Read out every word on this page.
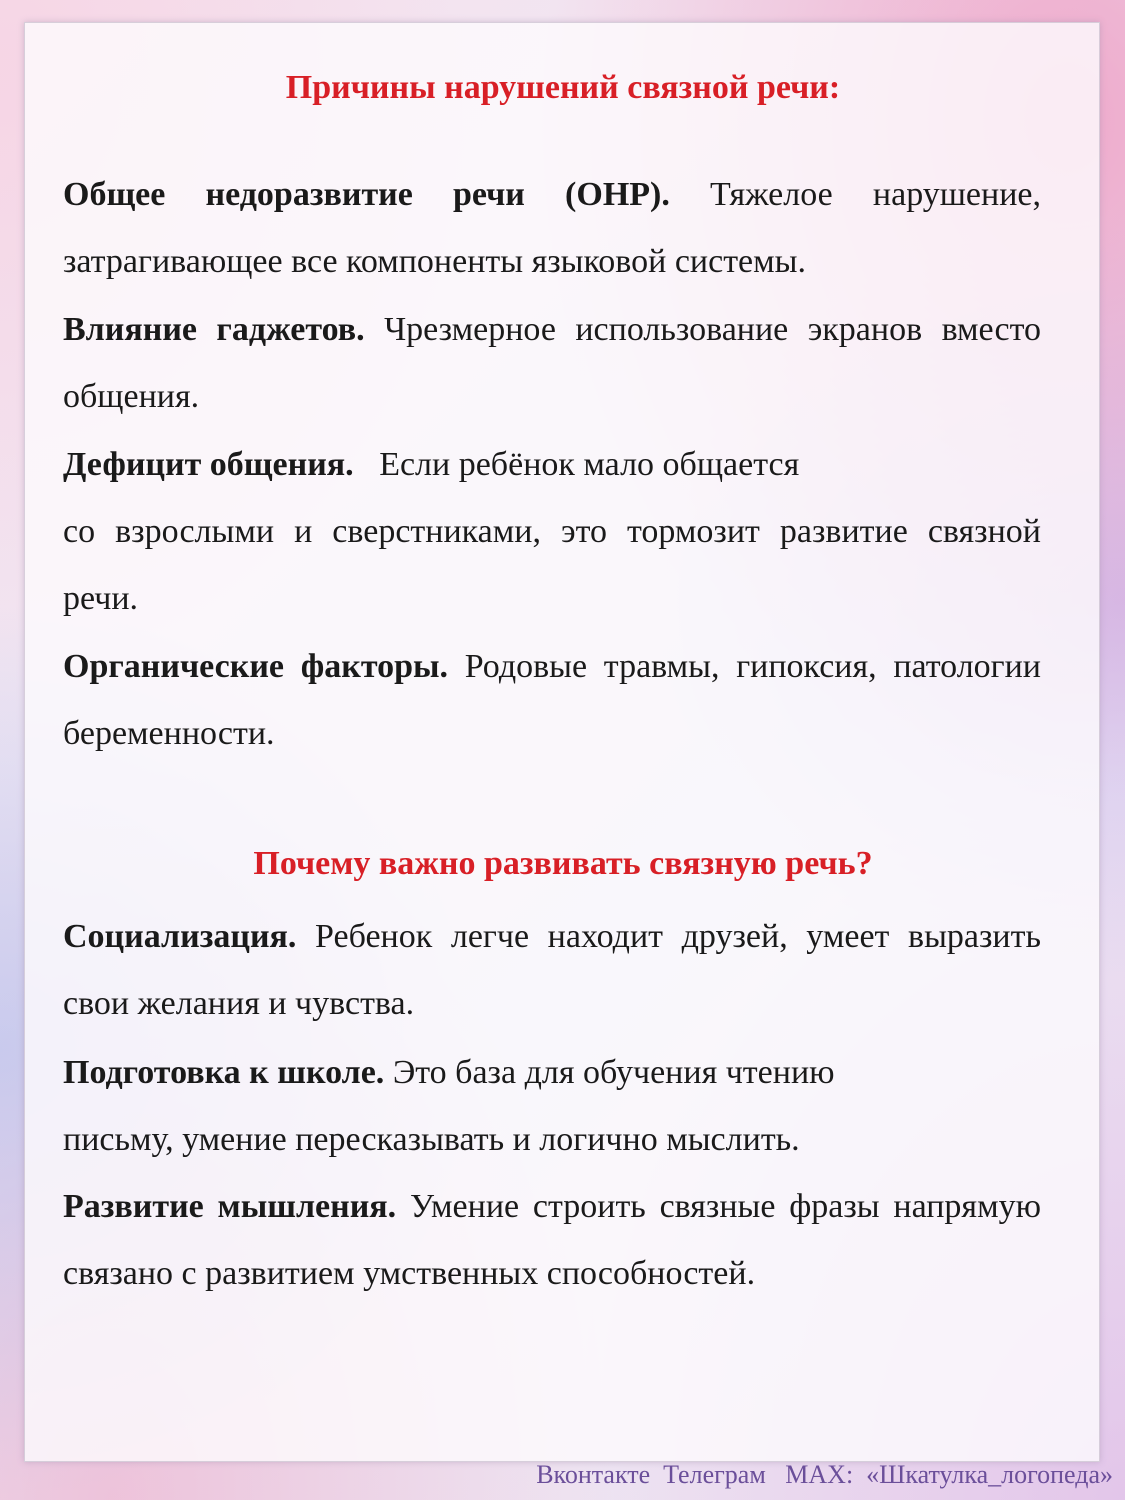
Причины нарушений связной речи:
Общее недоразвитие речи (ОНР). Тяжелое нарушение, затрагивающее все компоненты языковой системы.
Влияние гаджетов. Чрезмерное использование экранов вместо общения.
Дефицит общения.   Если ребёнок мало общается
со взрослыми и сверстниками, это тормозит развитие связной речи.
Органические факторы. Родовые травмы, гипоксия, патологии беременности.
Почему важно развивать связную речь?
Социализация. Ребенок легче находит друзей, умеет выразить свои желания и чувства.
Подготовка к школе. Это база для обучения чтению
письму, умение пересказывать и логично мыслить.
Развитие мышления. Умение строить связные фразы напрямую связано с развитием умственных способностей.
Вконтакте  Телеграм   MAX:  «Шкатулка_логопеда»
